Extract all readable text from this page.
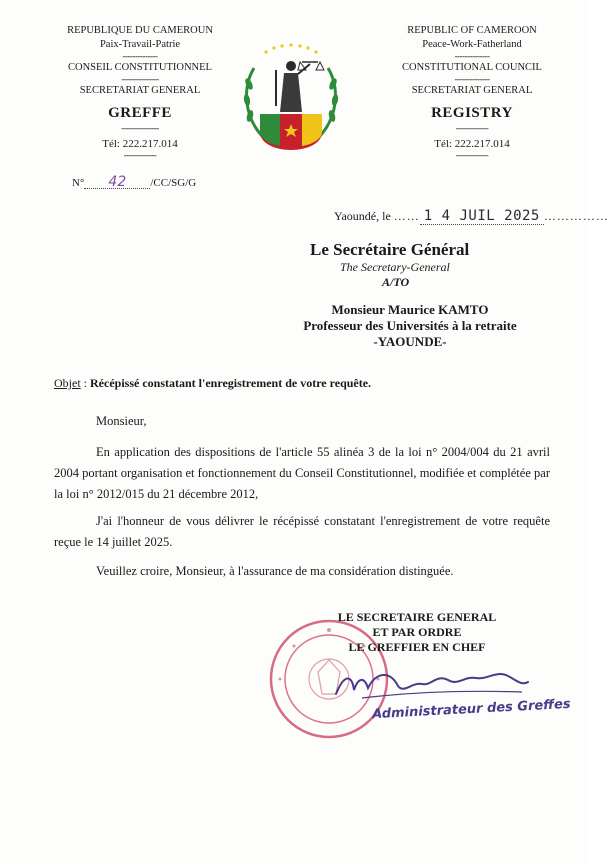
REPUBLIQUE DU CAMEROUN
Paix-Travail-Patrie
--------------
CONSEIL CONSTITUTIONNEL
---------------
SECRETARIAT GENERAL
GREFFE
---------------
Tél: 222.217.014
-------------
REPUBLIC OF CAMEROON
Peace-Work-Fatherland
--------------
CONSTITUTIONAL COUNCIL
--------------
SECRETARIAT GENERAL
REGISTRY
-------------
Tél: 222.217.014
-------------
N° 42 /CC/SG/G
Yaoundé, le …… 1 4 JUIL 2025 ……………
Le Secrétaire Général
The Secretary-General
A/TO
Monsieur Maurice KAMTO
Professeur des Universités à la retraite
-YAOUNDE-
Objet : Récépissé constatant l'enregistrement de votre requête.
Monsieur,

En application des dispositions de l'article 55 alinéa 3 de la loi n° 2004/004 du 21 avril 2004 portant organisation et fonctionnement du Conseil Constitutionnel, modifiée et complétée par la loi n° 2012/015 du 21 décembre 2012,

J'ai l'honneur de vous délivrer le récépissé constatant l'enregistrement de votre requête reçue le 14 juillet 2025.

Veuillez croire, Monsieur, à l'assurance de ma considération distinguée.

LE SECRETAIRE GENERAL
ET PAR ORDRE
LE GREFFIER EN CHEF
Administrateur des Greffes
